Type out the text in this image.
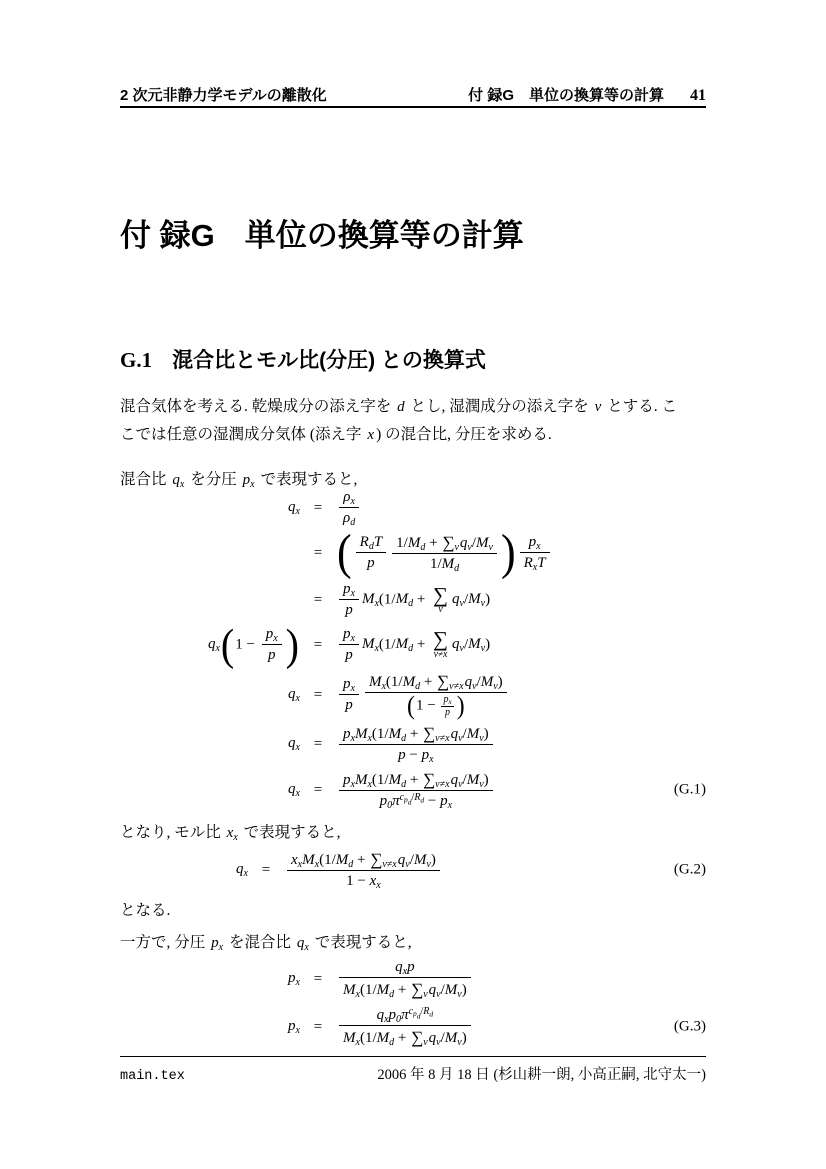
2 次元非静力学モデルの離散化	付 録G　単位の換算等の計算 41
付 録G 単位の換算等の計算
G.1 混合比とモル比(分圧) との換算式

混合気体を考える. 乾燥成分の添え字を d とし, 湿潤成分の添え字を v とする. こ
こでは任意の湿潤成分気体 (添え字 x ) の混合比, 分圧を求める.

混合比 $q_x$ を分圧 $p_x$ で表現すると,

$q_x$ =	$\frac{\rho_x}{\rho_d}$
= ( $\frac{R_dT}{p} \frac{1/M_d + \sum_vq_v/M_v}{1/M_d}$ ) $\frac{p_x}{R_xT}$
=	$\frac{p_x}{p} M_x(1/M_d$ + ∑
v
$q_v/M_v$)
$q_x(1 - \frac{p_x}{p}$ ) =	$\frac{p_x}{p} M_x(1/M_d$ + ∑
v≠x
$q_v/M_v$)
$q_x$ =	$\frac{p_x}{p} \frac{M_x(1/M_d + \sum_{v\ne x}q_v/M_v)}{(1 - \frac{p_x}{p} )}$
$q_x$ =	$\frac{p_xM_x(1/M_d + \sum_{v\ne x}q_v/M_v)}{p - p_x}$
$q_x$ =	$\frac{p_xM_x(1/M_d + \sum_{v\ne x}q_v/M_v)}{p_0\pi^{c_{p_d}/R_d} - p_x}$	(G.1)

となり, モル比 $x_x$ で表現すると,

$q_x$ =	$\frac{x_xM_x(1/M_d + \sum_{v\ne x}q_v/M_v)}{1 - x_x}$	(G.2)

となる.

一方で, 分圧 $p_x$ を混合比 $q_x$ で表現すると,

$p_x$ =	$\frac{q_xp}{M_x(1/M_d + \sum_vq_v/M_v)}$
$p_x$ =	$\frac{q_xp_0\pi^{c_{p_d}/R_d}}{M_x(1/M_d + \sum_vq_v/M_v)}$	(G.3)
main.tex	2006 年 8 月 18 日 (杉山耕一朗, 小高正嗣, 北守太一)
